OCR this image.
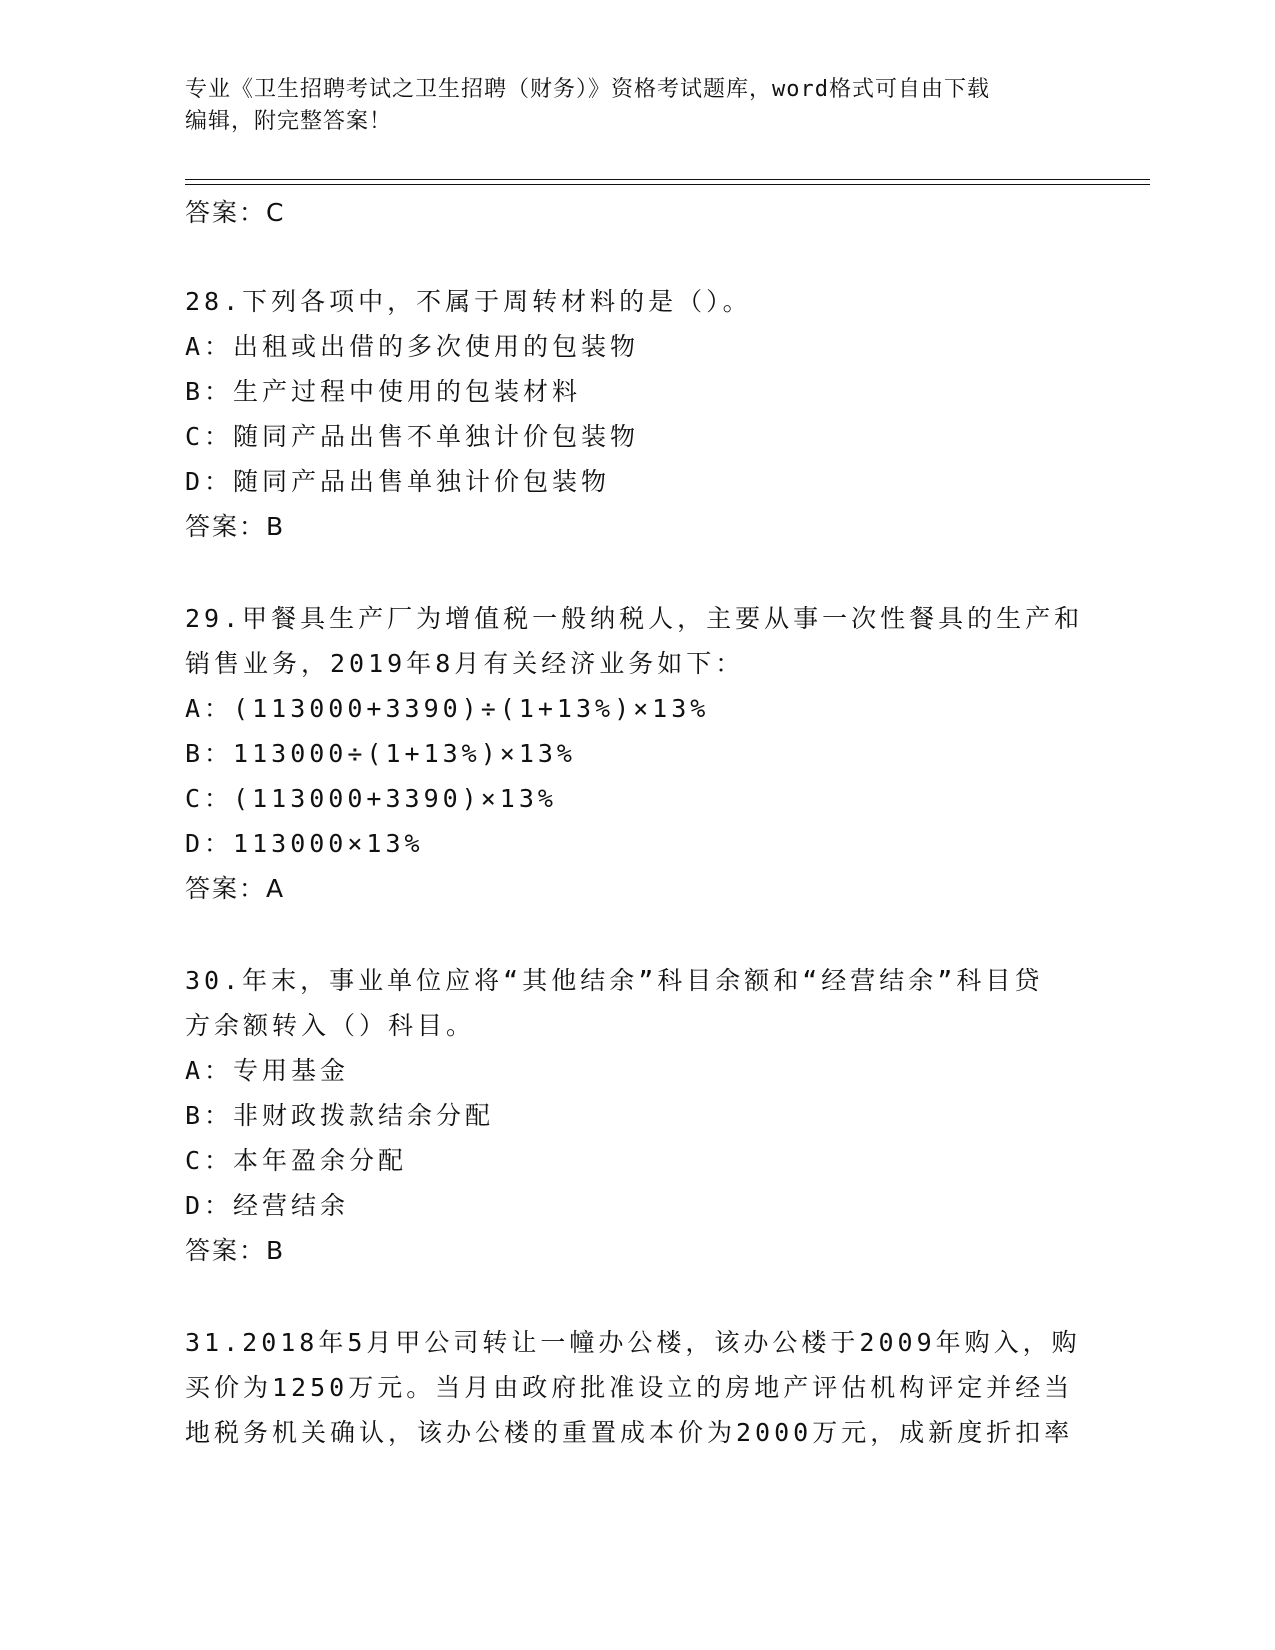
专业《卫生招聘考试之卫生招聘（财务）》资格考试题库，word格式可自由下载
编辑，附完整答案！
答案：C
28.下列各项中，不属于周转材料的是（）。
A：出租或出借的多次使用的包装物
B：生产过程中使用的包装材料
C：随同产品出售不单独计价包装物
D：随同产品出售单独计价包装物
答案：B
29.甲餐具生产厂为增值税一般纳税人，主要从事一次性餐具的生产和
销售业务，2019年8月有关经济业务如下：
A：(113000+3390)÷(1+13%)×13%
B：113000÷(1+13%)×13%
C：(113000+3390)×13%
D：113000×13%
答案：A
30.年末，事业单位应将“其他结余”科目余额和“经营结余”科目贷
方余额转入（）科目。
A：专用基金
B：非财政拨款结余分配
C：本年盈余分配
D：经营结余
答案：B
31.2018年5月甲公司转让一幢办公楼，该办公楼于2009年购入，购
买价为1250万元。当月由政府批准设立的房地产评估机构评定并经当
地税务机关确认，该办公楼的重置成本价为2000万元，成新度折扣率
